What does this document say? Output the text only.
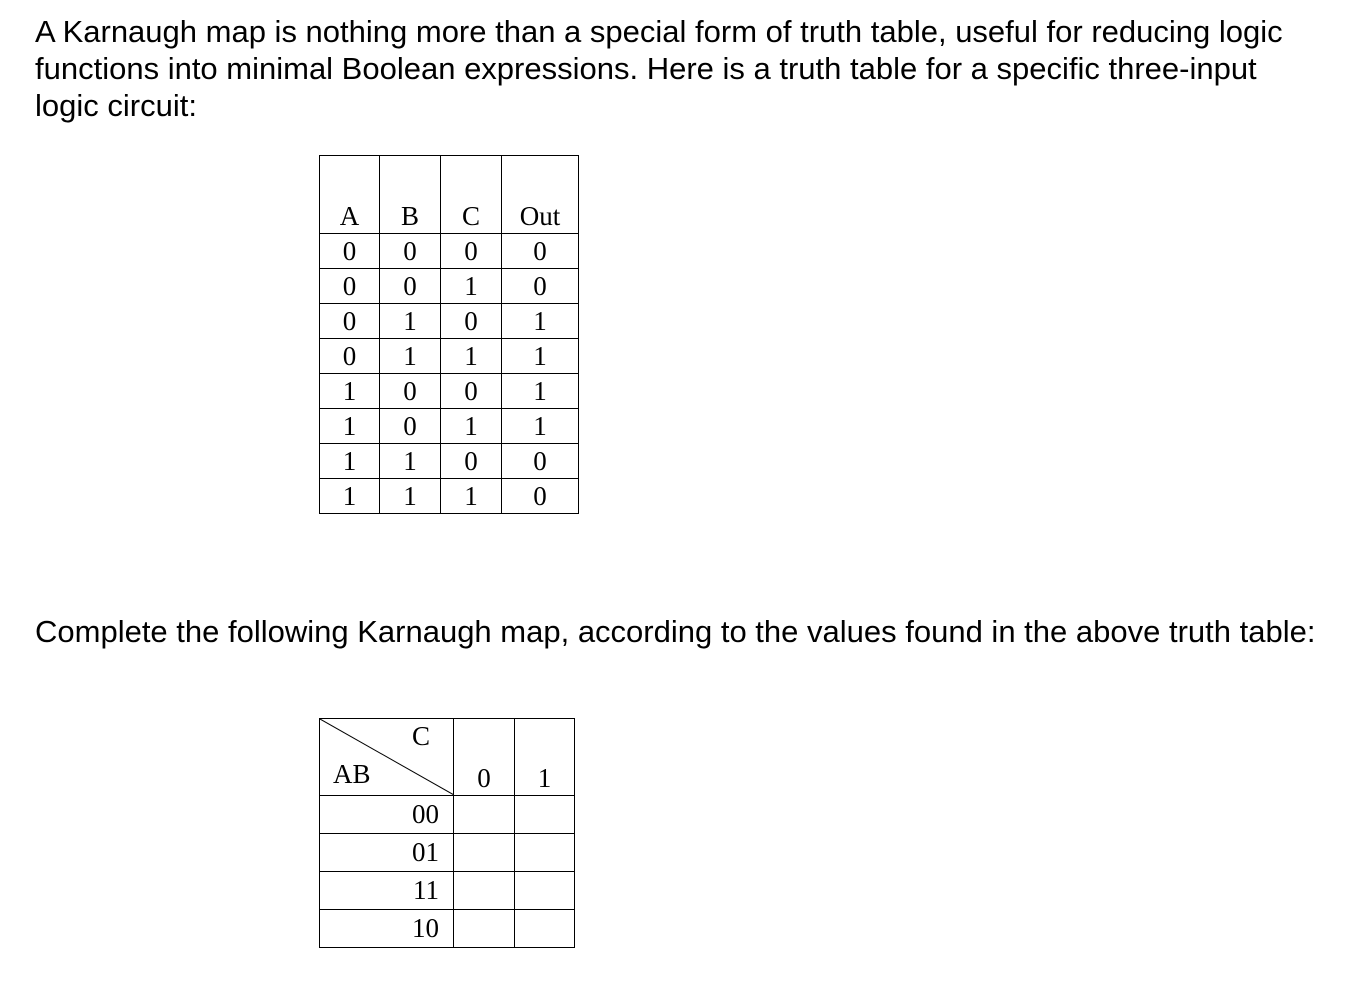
A Karnaugh map is nothing more than a special form of truth table, useful for reducing logic functions into minimal Boolean expressions. Here is a truth table for a specific three-input logic circuit:

A	B	C	Out
0	0	0	0
0	0	1	0
0	1	0	1
0	1	1	1
1	0	0	1
1	0	1	1
1	1	0	0
1	1	1	0

Complete the following Karnaugh map, according to the values found in the above truth table:

C
AB	0	1
00		
01		
11		
10		
